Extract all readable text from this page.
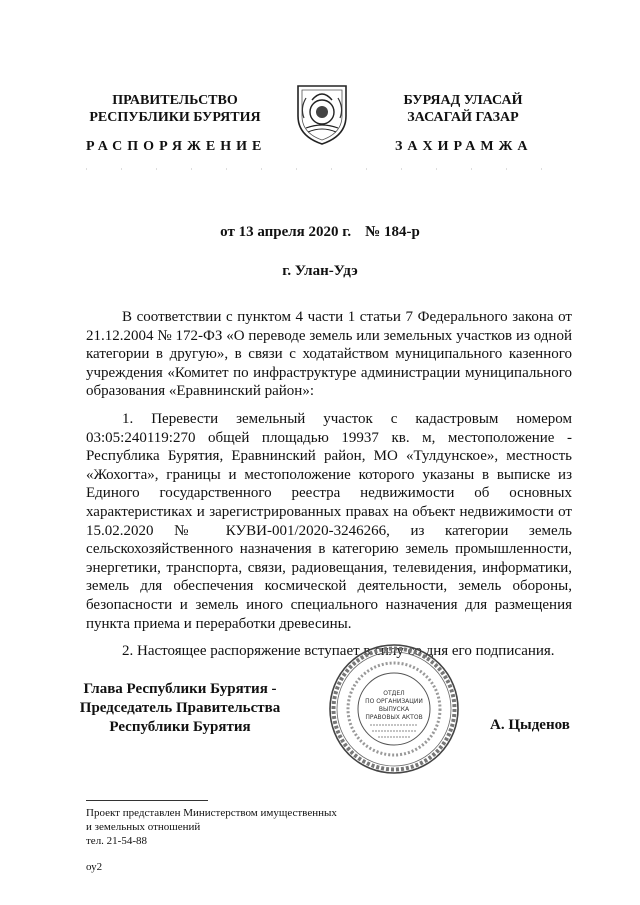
ПРАВИТЕЛЬСТВО
РЕСПУБЛИКИ БУРЯТИЯ
БУРЯАД УЛАСАЙ
ЗАСАГАЙ ГАЗАР
РАСПОРЯЖЕНИЕ	ЗАХИРАМЖА
от 13 апреля 2020 г. № 184-р
г. Улан-Удэ

В соответствии с пунктом 4 части 1 статьи 7 Федерального закона от 21.12.2004 № 172-ФЗ «О переводе земель или земельных участков из одной категории в другую», в связи с ходатайством муниципального казенного учреждения «Комитет по инфраструктуре администрации муниципального образования «Еравнинский район»:

1. Перевести земельный участок с кадастровым номером 03:05:240119:270 общей площадью 19937 кв. м, местоположение - Республика Бурятия, Еравнинский район, МО «Тулдунское», местность «Жохогта», границы и местоположение которого указаны в выписке из Единого государственного реестра недвижимости об основных характеристиках и зарегистрированных правах на объект недвижимости от 15.02.2020 № КУВИ-001/2020-3246266, из категории земель сельскохозяйственного назначения в категорию земель промышленности, энергетики, транспорта, связи, радиовещания, телевидения, информатики, земель для обеспечения космической деятельности, земель обороны, безопасности и земель иного специального назначения для размещения пункта приема и переработки древесины.

2. Настоящее распоряжение вступает в силу со дня его подписания.

Глава Республики Бурятия -
Председатель Правительства
Республики Бурятия
ОТДЕЛ
ПО ОРГАНИЗАЦИИ
ВЫПУСКА
ПРАВОВЫХ АКТОВ	А. Цыденов
Проект представлен Министерством имущественных
и земельных отношений
тел. 21-54-88
оу2
